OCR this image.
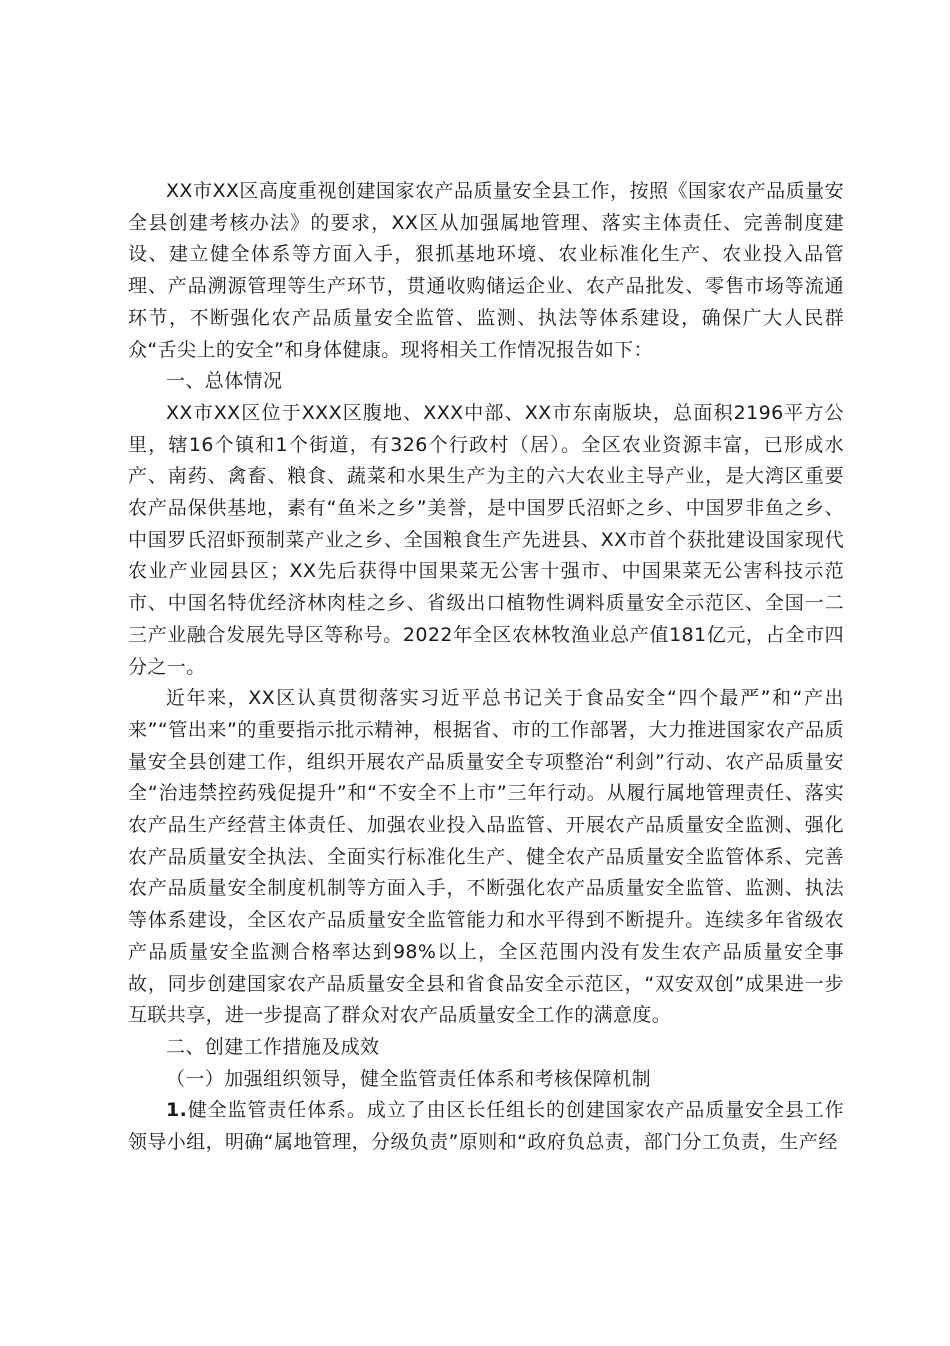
XX市XX区高度重视创建国家农产品质量安全县工作，按照《国家农产品质量安全县创建考核办法》的要求，XX区从加强属地管理、落实主体责任、完善制度建设、建立健全体系等方面入手，狠抓基地环境、农业标准化生产、农业投入品管理、产品溯源管理等生产环节，贯通收购储运企业、农产品批发、零售市场等流通环节，不断强化农产品质量安全监管、监测、执法等体系建设，确保广大人民群众“舌尖上的安全”和身体健康。现将相关工作情况报告如下：

一、总体情况

XX市XX区位于XXX区腹地、XXX中部、XX市东南版块，总面积2196平方公里，辖16个镇和1个街道，有326个行政村（居）。全区农业资源丰富，已形成水产、南药、禽畜、粮食、蔬菜和水果生产为主的六大农业主导产业，是大湾区重要农产品保供基地，素有“鱼米之乡”美誉，是中国罗氏沼虾之乡、中国罗非鱼之乡、中国罗氏沼虾预制菜产业之乡、全国粮食生产先进县、XX市首个获批建设国家现代农业产业园县区；XX先后获得中国果菜无公害十强市、中国果菜无公害科技示范市、中国名特优经济林肉桂之乡、省级出口植物性调料质量安全示范区、全国一二三产业融合发展先导区等称号。2022年全区农林牧渔业总产值181亿元，占全市四分之一。

近年来，XX区认真贯彻落实习近平总书记关于食品安全“四个最严”和“产出来”“管出来”的重要指示批示精神，根据省、市的工作部署，大力推进国家农产品质量安全县创建工作，组织开展农产品质量安全专项整治“利剑”行动、农产品质量安全“治违禁控药残促提升”和“不安全不上市”三年行动。从履行属地管理责任、落实农产品生产经营主体责任、加强农业投入品监管、开展农产品质量安全监测、强化农产品质量安全执法、全面实行标准化生产、健全农产品质量安全监管体系、完善农产品质量安全制度机制等方面入手，不断强化农产品质量安全监管、监测、执法等体系建设，全区农产品质量安全监管能力和水平得到不断提升。连续多年省级农产品质量安全监测合格率达到98%以上，全区范围内没有发生农产品质量安全事故，同步创建国家农产品质量安全县和省食品安全示范区，“双安双创”成果进一步互联共享，进一步提高了群众对农产品质量安全工作的满意度。

二、创建工作措施及成效

（一）加强组织领导，健全监管责任体系和考核保障机制

1.健全监管责任体系。成立了由区长任组长的创建国家农产品质量安全县工作领导小组，明确“属地管理，分级负责”原则和“政府负总责，部门分工负责，生产经
